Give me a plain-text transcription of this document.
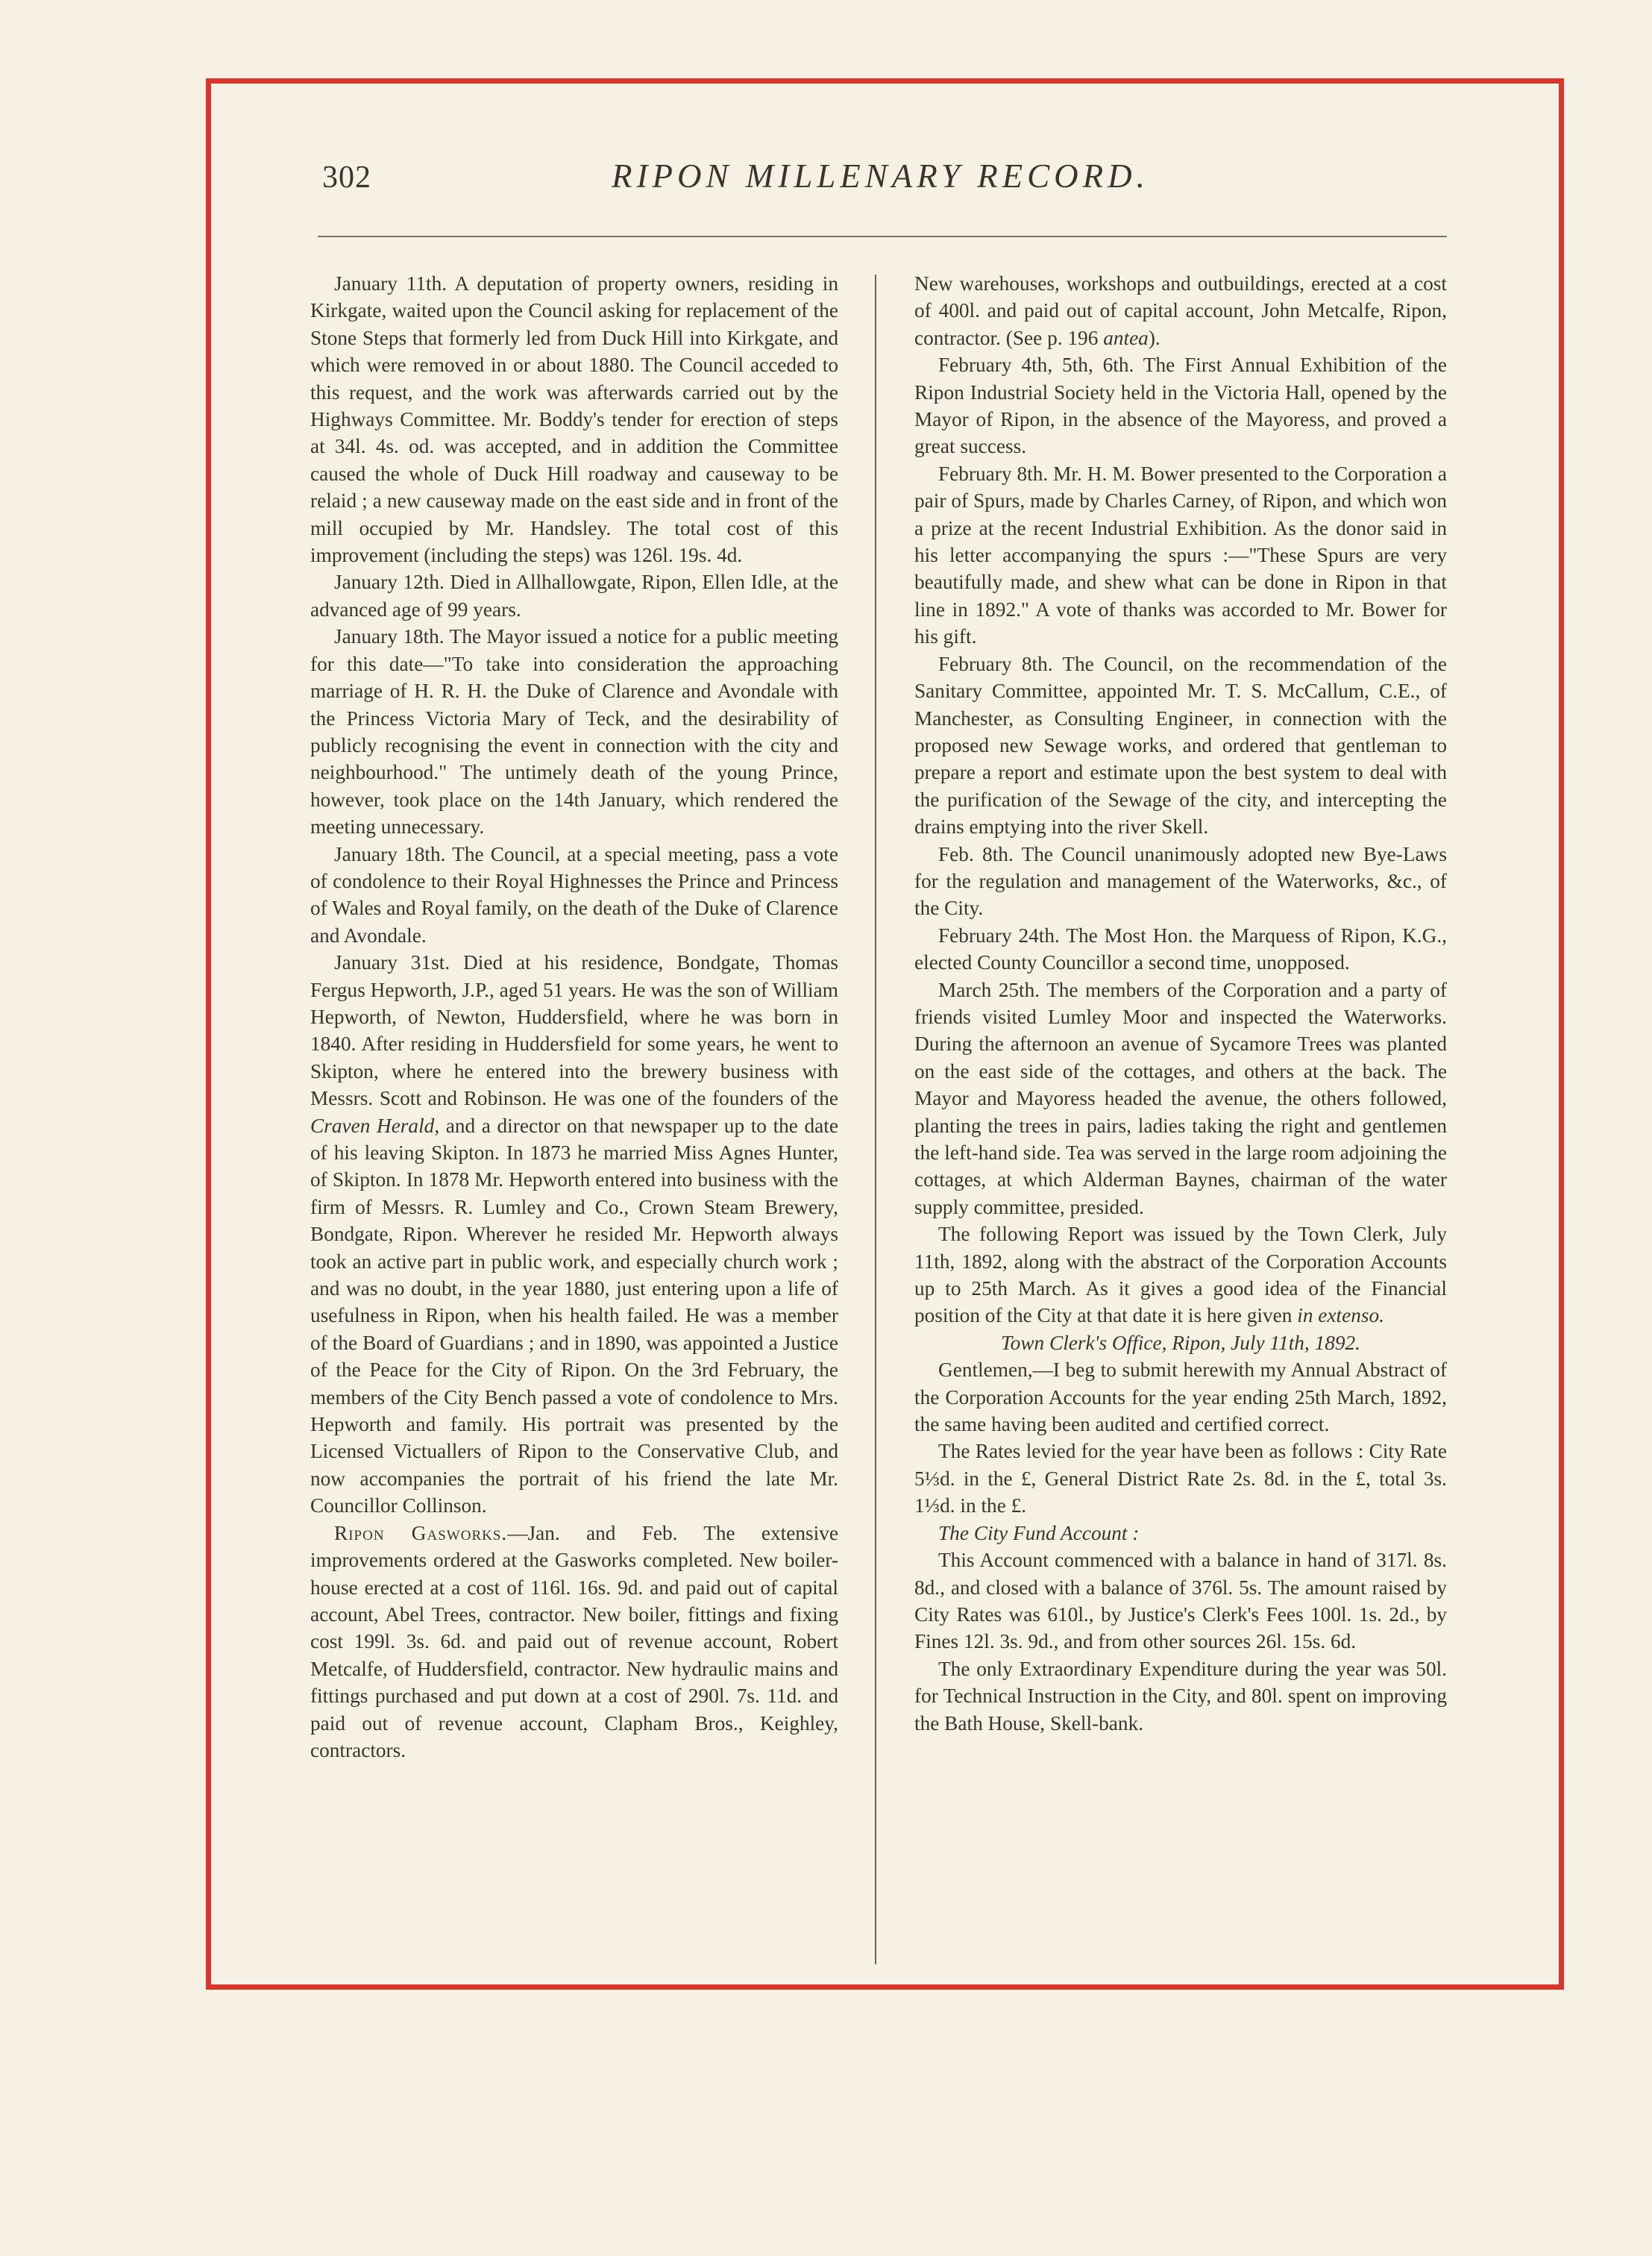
302	RIPON MILLENARY RECORD.

January 11th. A deputation of property owners, residing in Kirkgate, waited upon the Council asking for replacement of the Stone Steps that formerly led from Duck Hill into Kirkgate, and which were removed in or about 1880. The Council acceded to this request, and the work was afterwards carried out by the Highways Committee. Mr. Boddy's tender for erection of steps at 34l. 4s. od. was accepted, and in addition the Committee caused the whole of Duck Hill roadway and causeway to be relaid ; a new causeway made on the east side and in front of the mill occupied by Mr. Handsley. The total cost of this improvement (including the steps) was 126l. 19s. 4d.

January 12th. Died in Allhallowgate, Ripon, Ellen Idle, at the advanced age of 99 years.

January 18th. The Mayor issued a notice for a public meeting for this date—"To take into consideration the approaching marriage of H. R. H. the Duke of Clarence and Avondale with the Princess Victoria Mary of Teck, and the desirability of publicly recognising the event in connection with the city and neighbourhood." The untimely death of the young Prince, however, took place on the 14th January, which rendered the meeting unnecessary.

January 18th. The Council, at a special meeting, pass a vote of condolence to their Royal Highnesses the Prince and Princess of Wales and Royal family, on the death of the Duke of Clarence and Avondale.

January 31st. Died at his residence, Bondgate, Thomas Fergus Hepworth, J.P., aged 51 years. He was the son of William Hepworth, of Newton, Huddersfield, where he was born in 1840. After residing in Huddersfield for some years, he went to Skipton, where he entered into the brewery business with Messrs. Scott and Robinson. He was one of the founders of the Craven Herald, and a director on that newspaper up to the date of his leaving Skipton. In 1873 he married Miss Agnes Hunter, of Skipton. In 1878 Mr. Hepworth entered into business with the firm of Messrs. R. Lumley and Co., Crown Steam Brewery, Bondgate, Ripon. Wherever he resided Mr. Hepworth always took an active part in public work, and especially church work ; and was no doubt, in the year 1880, just entering upon a life of usefulness in Ripon, when his health failed. He was a member of the Board of Guardians ; and in 1890, was appointed a Justice of the Peace for the City of Ripon. On the 3rd February, the members of the City Bench passed a vote of condolence to Mrs. Hepworth and family. His portrait was presented by the Licensed Victuallers of Ripon to the Conservative Club, and now accompanies the portrait of his friend the late Mr. Councillor Collinson.

Ripon Gasworks.—Jan. and Feb. The extensive improvements ordered at the Gasworks completed. New boiler-house erected at a cost of 116l. 16s. 9d. and paid out of capital account, Abel Trees, contractor. New boiler, fittings and fixing cost 199l. 3s. 6d. and paid out of revenue account, Robert Metcalfe, of Huddersfield, contractor. New hydraulic mains and fittings purchased and put down at a cost of 290l. 7s. 11d. and paid out of revenue account, Clapham Bros., Keighley, contractors.

New warehouses, workshops and outbuildings, erected at a cost of 400l. and paid out of capital account, John Metcalfe, Ripon, contractor. (See p. 196 antea).

February 4th, 5th, 6th. The First Annual Exhibition of the Ripon Industrial Society held in the Victoria Hall, opened by the Mayor of Ripon, in the absence of the Mayoress, and proved a great success.

February 8th. Mr. H. M. Bower presented to the Corporation a pair of Spurs, made by Charles Carney, of Ripon, and which won a prize at the recent Industrial Exhibition. As the donor said in his letter accompanying the spurs :—"These Spurs are very beautifully made, and shew what can be done in Ripon in that line in 1892." A vote of thanks was accorded to Mr. Bower for his gift.

February 8th. The Council, on the recommendation of the Sanitary Committee, appointed Mr. T. S. McCallum, C.E., of Manchester, as Consulting Engineer, in connection with the proposed new Sewage works, and ordered that gentleman to prepare a report and estimate upon the best system to deal with the purification of the Sewage of the city, and intercepting the drains emptying into the river Skell.

Feb. 8th. The Council unanimously adopted new Bye-Laws for the regulation and management of the Waterworks, &c., of the City.

February 24th. The Most Hon. the Marquess of Ripon, K.G., elected County Councillor a second time, unopposed.

March 25th. The members of the Corporation and a party of friends visited Lumley Moor and inspected the Waterworks. During the afternoon an avenue of Sycamore Trees was planted on the east side of the cottages, and others at the back. The Mayor and Mayoress headed the avenue, the others followed, planting the trees in pairs, ladies taking the right and gentlemen the left-hand side. Tea was served in the large room adjoining the cottages, at which Alderman Baynes, chairman of the water supply committee, presided.

The following Report was issued by the Town Clerk, July 11th, 1892, along with the abstract of the Corporation Accounts up to 25th March. As it gives a good idea of the Financial position of the City at that date it is here given in extenso.

Town Clerk's Office, Ripon, July 11th, 1892.

Gentlemen,—I beg to submit herewith my Annual Abstract of the Corporation Accounts for the year ending 25th March, 1892, the same having been audited and certified correct.

The Rates levied for the year have been as follows : City Rate 5⅓d. in the £, General District Rate 2s. 8d. in the £, total 3s. 1⅓d. in the £.

The City Fund Account :

This Account commenced with a balance in hand of 317l. 8s. 8d., and closed with a balance of 376l. 5s. The amount raised by City Rates was 610l., by Justice's Clerk's Fees 100l. 1s. 2d., by Fines 12l. 3s. 9d., and from other sources 26l. 15s. 6d.

The only Extraordinary Expenditure during the year was 50l. for Technical Instruction in the City, and 80l. spent on improving the Bath House, Skell-bank.
